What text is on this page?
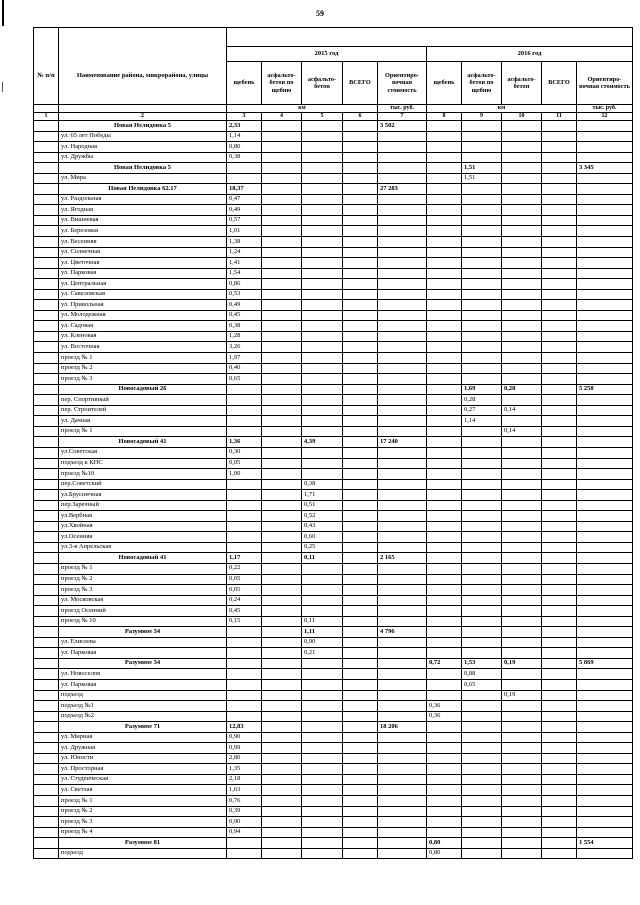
59

№ п/п	Наименование района, микрорайона, улицы	2015 год					2016 год				
		щебень	асфальто-бетон по щебню	асфальто-бетон	ВСЕГО	Ориентиро-вочная стоимость	щебень	асфальто-бетон по щебню	асфальто-бетон	ВСЕГО	Ориентиро-вочная стоимость
		км				тыс. руб.	км				тыс. руб.
1	2	3	4	5	6	7	8	9	10	11	12
	Новая Нелидовка 5	2,33				3 502					
	ул. 65 лет Победы	1,14									
	ул. Народная	0,80									
	ул. Дружбы	0,38									
	Новая Нелидовка 5							1,51			3 345
	ул. Мира							1,51			
	Новая Нелидовка 62.17	18,37				27 283					
	ул. Раздольная	0,47									
	ул. Ягодная	0,49									
	ул. Вишневая	0,57									
	ул. Березовая	1,01									
	ул. Весенняя	1,38									
	ул. Солнечная	1,24									
	ул. Цветочная	1,41									
	ул. Парковая	1,54									
	ул. Центральная	0,86									
	ул. Савеловская	0,53									
	ул. Привольная	0,49									
	ул. Молодежная	0,45									
	ул. Садовая	0,38									
	ул. Кленовая	1,28									
	ул. Восточная	3,26									
	проезд № 1	1,97									
	проезд № 2	0,40									
	проезд № 3	0,65									
	Новосадовый 26							1,69	0,28		5 258
	пер. Спортивный							0,28			
	пер. Строителей							0,27	0,14		
	ул. Дачная							1,14			
	проезд № 1								0,14		
	Новосадовый 41	1,36		4,39		17 240					
	ул.Советская	0,30									
	подъезд к КНС	0,05									
	проезд №10	1,00									
	пер.Советский			0,38							
	ул.Брусничная			1,71							
	пер.Заречный			0,51							
	ул.Вербная			0,52							
	ул.Хвойная			0,43							
	ул.Осенняя			0,60							
	ул.3-я Апрельская			0,25							
	Новосадовый 41	1,17		0,11		2 165					
	проезд № 1	0,22									
	проезд № 2	0,05									
	проезд № 3	0,05									
	ул. Московская	0,24									
	проезд Осенний	0,45									
	проезд № 10	0,15		0,11							
	Разумное 34			1,11		4 796					
	ул. Елисеева			0,90							
	ул. Парковая			0,21							
	Разумное 34						0,72	1,53	0,19		5 869
	ул. Новоселов							0,88			
	ул. Парковая							0,65			
	подъезд								0,19		
	подъезд №1						0,36				
	подъезд №2						0,36				
	Разумное 71	12,83				18 206					
	ул. Мирная	0,90									
	ул. Дружная	0,99									
	ул. Юности	2,80									
	ул. Просторная	1,35									
	ул. Студенческая	2,18									
	ул. Светлая	1,63									
	проезд № 1	0,76									
	проезд № 2	0,39									
	проезд № 3	0,90									
	проезд № 4	0,94									
	Разумное 81						0,80				1 554
	подъезд						0,80				
